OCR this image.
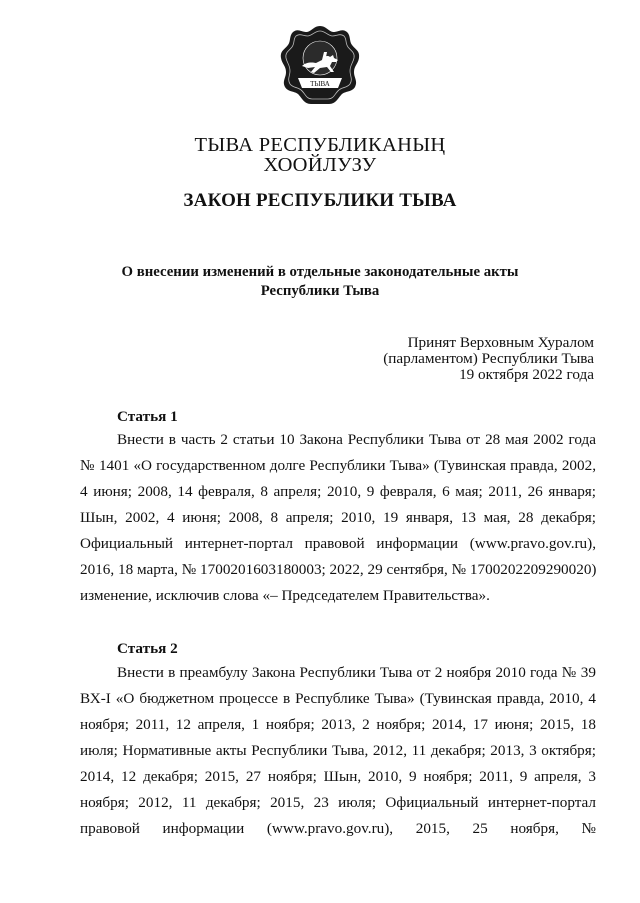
ТЫВА
ТЫВА РЕСПУБЛИКАНЫҢ
ХООЙЛУЗУ
ЗАКОН РЕСПУБЛИКИ ТЫВА
О внесении изменений в отдельные законодательные акты
Республики Тыва
Принят Верховным Хуралом
(парламентом) Республики Тыва
19 октября 2022 года
Статья 1
Внести в часть 2 статьи 10 Закона Республики Тыва от 28 мая 2002 года
№ 1401 «О государственном долге Республики Тыва» (Тувинская правда, 2002,
4 июня; 2008, 14 февраля, 8 апреля; 2010, 9 февраля, 6 мая; 2011, 26 января;
Шын, 2002, 4 июня; 2008, 8 апреля; 2010, 19 января, 13 мая, 28 декабря;
Официальный интернет-портал правовой информации (www.pravo.gov.ru),
2016, 18 марта, № 1700201603180003; 2022, 29 сентября, № 1700202209290020)
изменение, исключив слова «– Председателем Правительства».
Статья 2
Внести в преамбулу Закона Республики Тыва от 2 ноября 2010 года № 39
ВХ-I «О бюджетном процессе в Республике Тыва» (Тувинская правда, 2010, 4
ноября; 2011, 12 апреля, 1 ноября; 2013, 2 ноября; 2014, 17 июня; 2015, 18
июля; Нормативные акты Республики Тыва, 2012, 11 декабря; 2013, 3 октября;
2014, 12 декабря; 2015, 27 ноября; Шын, 2010, 9 ноября; 2011, 9 апреля, 3
ноября; 2012, 11 декабря; 2015, 23 июля; Официальный интернет-портал
правовой информации (www.pravo.gov.ru), 2015, 25 ноября, №
